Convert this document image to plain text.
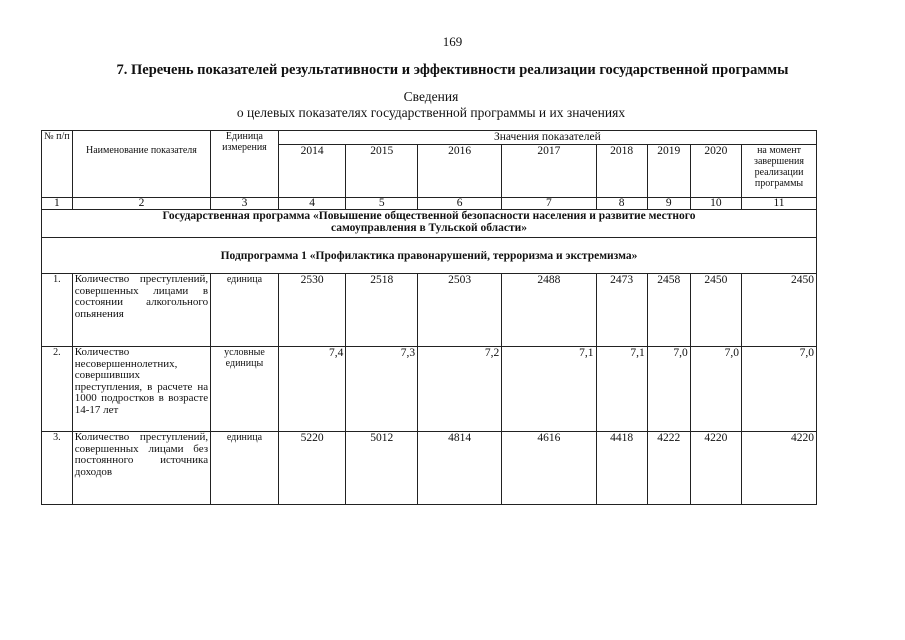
169
7. Перечень показателей результативности и эффективности реализации государственной программы
Сведения
о целевых показателях государственной программы и их значениях
№ п/п	Наименование показателя	Единица измерения	Значения показателей							
			2014	2015	2016	2017	2018	2019	2020	на момент завершения реализации программы
1	2	3	4	5	6	7	8	9	10	11
Государственная программа «Повышение общественной безопасности населения и развитие местного самоуправления в Тульской области»										
Подпрограмма 1 «Профилактика правонарушений, терроризма и экстремизма»										
1.	Количество преступлений, совершенных лицами в состоянии алкогольного опьянения	единица	2530	2518	2503	2488	2473	2458	2450	2450
2.	Количество несовершеннолетних, совершивших преступления, в расчете на 1000 подростков в возрасте 14-17 лет	условные единицы	7,4	7,3	7,2	7,1	7,1	7,0	7,0	7,0
3.	Количество преступлений, совершенных лицами без постоянного источника доходов	единица	5220	5012	4814	4616	4418	4222	4220	4220
